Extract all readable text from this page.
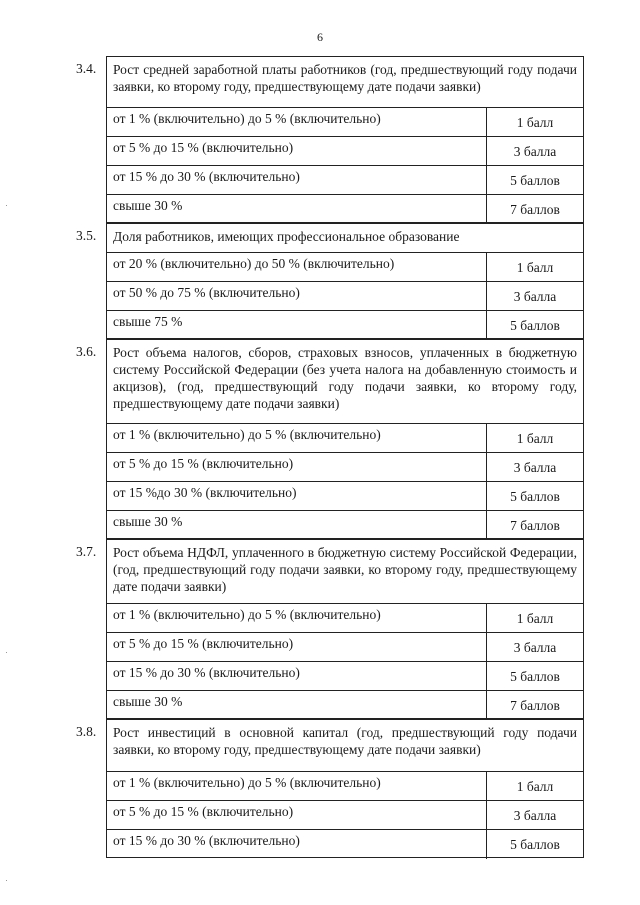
6
3.4.	Рост средней заработной платы работников (год, предшествующий году подачи заявки, ко второму году, предшествующему дате подачи заявки)
от 1 % (включительно) до 5 % (включительно)	1 балл
от 5 % до 15 % (включительно)	3 балла
от 15 % до 30 % (включительно)	5 баллов
свыше 30 %	7 баллов
3.5.	Доля работников, имеющих профессиональное образование
от 20 % (включительно) до 50 % (включительно)	1 балл
от 50 % до 75 % (включительно)	3 балла
свыше 75 %	5 баллов
3.6.	Рост объема налогов, сборов, страховых взносов, уплаченных в бюджетную систему Российской Федерации (без учета налога на добавленную стоимость и акцизов), (год, предшествующий году подачи заявки, ко второму году, предшествующему дате подачи заявки)
от 1 % (включительно) до 5 % (включительно)	1 балл
от 5 % до 15 % (включительно)	3 балла
от 15 %до 30 % (включительно)	5 баллов
свыше 30 %	7 баллов
3.7.	Рост объема НДФЛ, уплаченного в бюджетную систему Российской Федерации, (год, предшествующий году подачи заявки, ко второму году, предшествующему дате подачи заявки)
от 1 % (включительно) до 5 % (включительно)	1 балл
от 5 % до 15 % (включительно)	3 балла
от 15 % до 30 % (включительно)	5 баллов
свыше 30 %	7 баллов
3.8.	Рост инвестиций в основной капитал (год, предшествующий году подачи заявки, ко второму году, предшествующему дате подачи заявки)
от 1 % (включительно) до 5 % (включительно)	1 балл
от 5 % до 15 % (включительно)	3 балла
от 15 % до 30 % (включительно)	5 баллов
